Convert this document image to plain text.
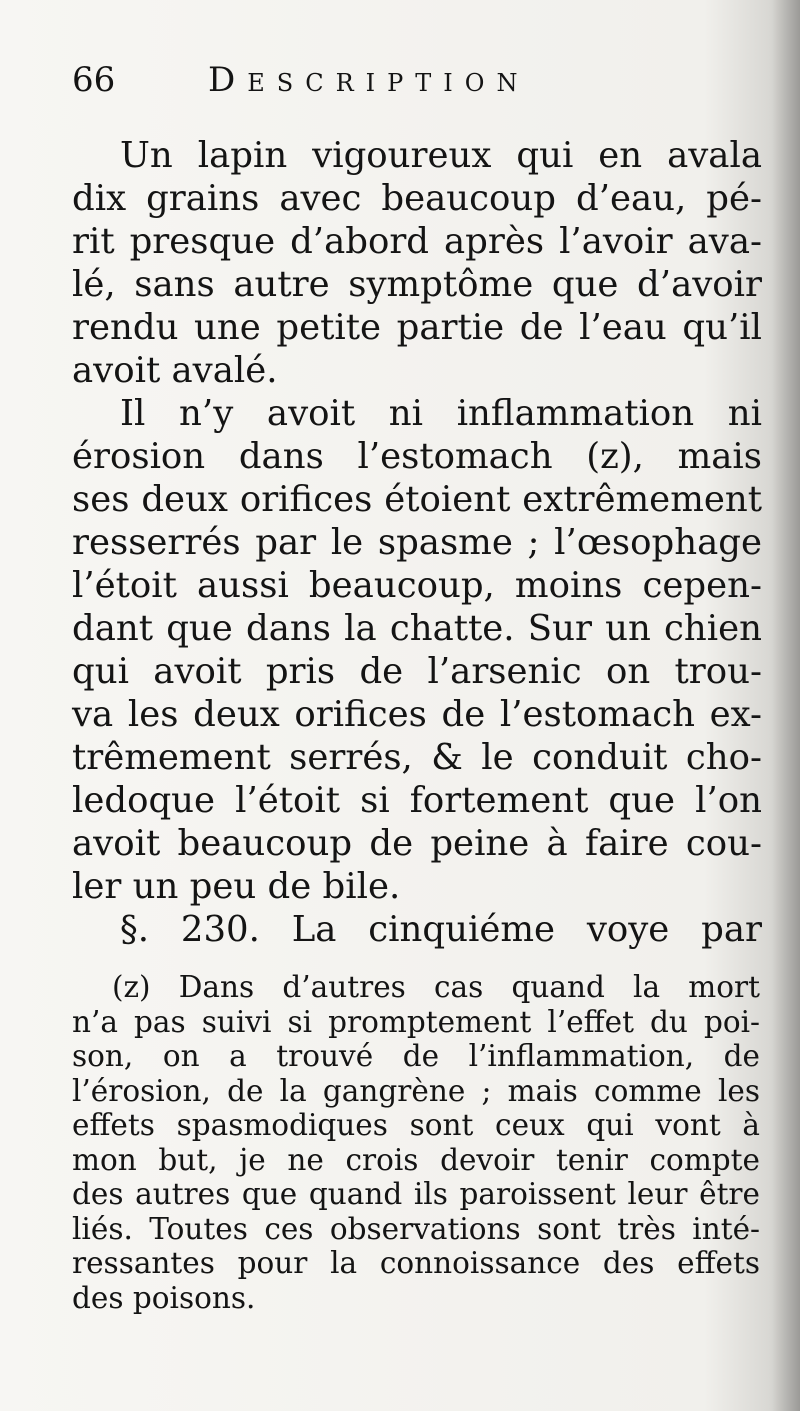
66	Description
Un lapin vigoureux qui en avala
dix grains avec beaucoup d’eau, pé-
rit presque d’abord après l’avoir ava-
lé, sans autre symptôme que d’avoir
rendu une petite partie de l’eau qu’il
avoit avalé.
Il n’y avoit ni inflammation ni
érosion dans l’estomach (z), mais
ses deux orifices étoient extrêmement
resserrés par le spasme ; l’œsophage
l’étoit aussi beaucoup, moins cepen-
dant que dans la chatte. Sur un chien
qui avoit pris de l’arsenic on trou-
va les deux orifices de l’estomach ex-
trêmement serrés, & le conduit cho-
ledoque l’étoit si fortement que l’on
avoit beaucoup de peine à faire cou-
ler un peu de bile.
§. 230. La cinquiéme voye par
(z) Dans d’autres cas quand la mort
n’a pas suivi si promptement l’effet du poi-
son, on a trouvé de l’inflammation, de
l’érosion, de la gangrène ; mais comme les
effets spasmodiques sont ceux qui vont à
mon but, je ne crois devoir tenir compte
des autres que quand ils paroissent leur être
liés. Toutes ces observations sont très inté-
ressantes pour la connoissance des effets
des poisons.
